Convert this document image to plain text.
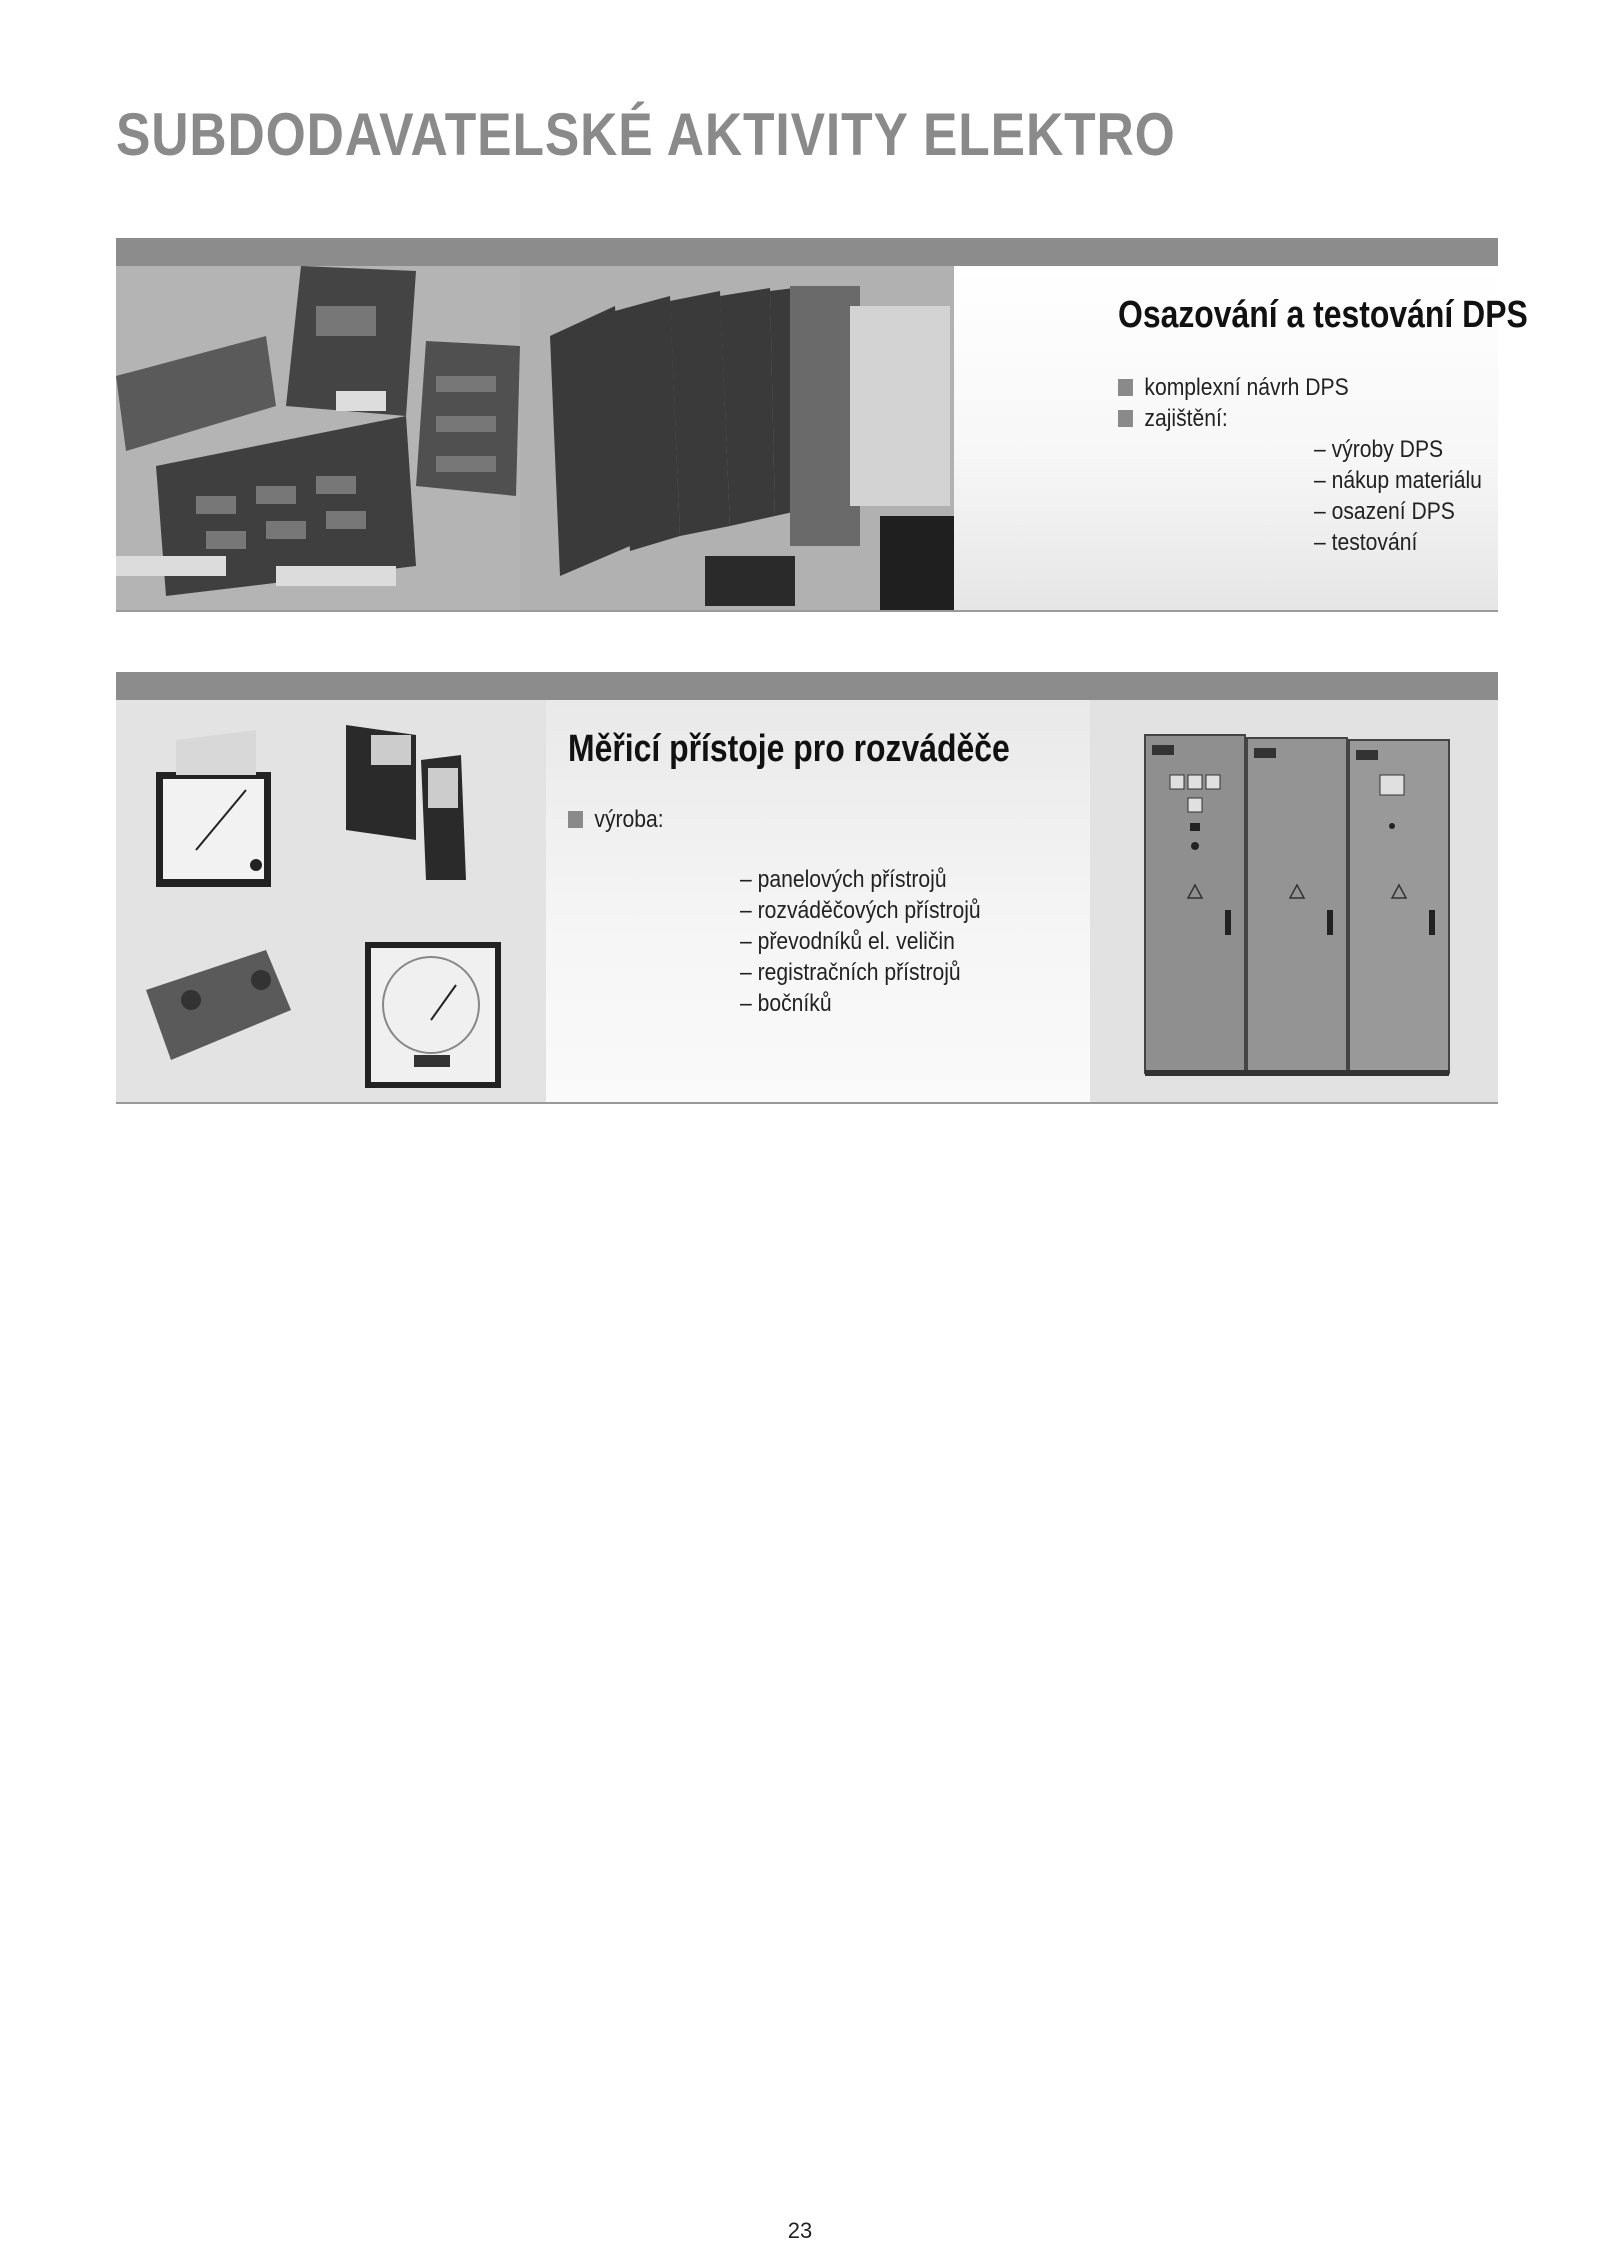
SUBDODAVATELSKÉ AKTIVITY ELEKTRO
Osazování a testování DPS
komplexní návrh DPS
zajištění:
– výroby DPS
– nákup materiálu
– osazení DPS
– testování
Měřicí přístoje pro rozváděče
výroba:
– panelových přístrojů
– rozváděčových přístrojů
– převodníků el. veličin
– registračních přístrojů
– bočníků
23
